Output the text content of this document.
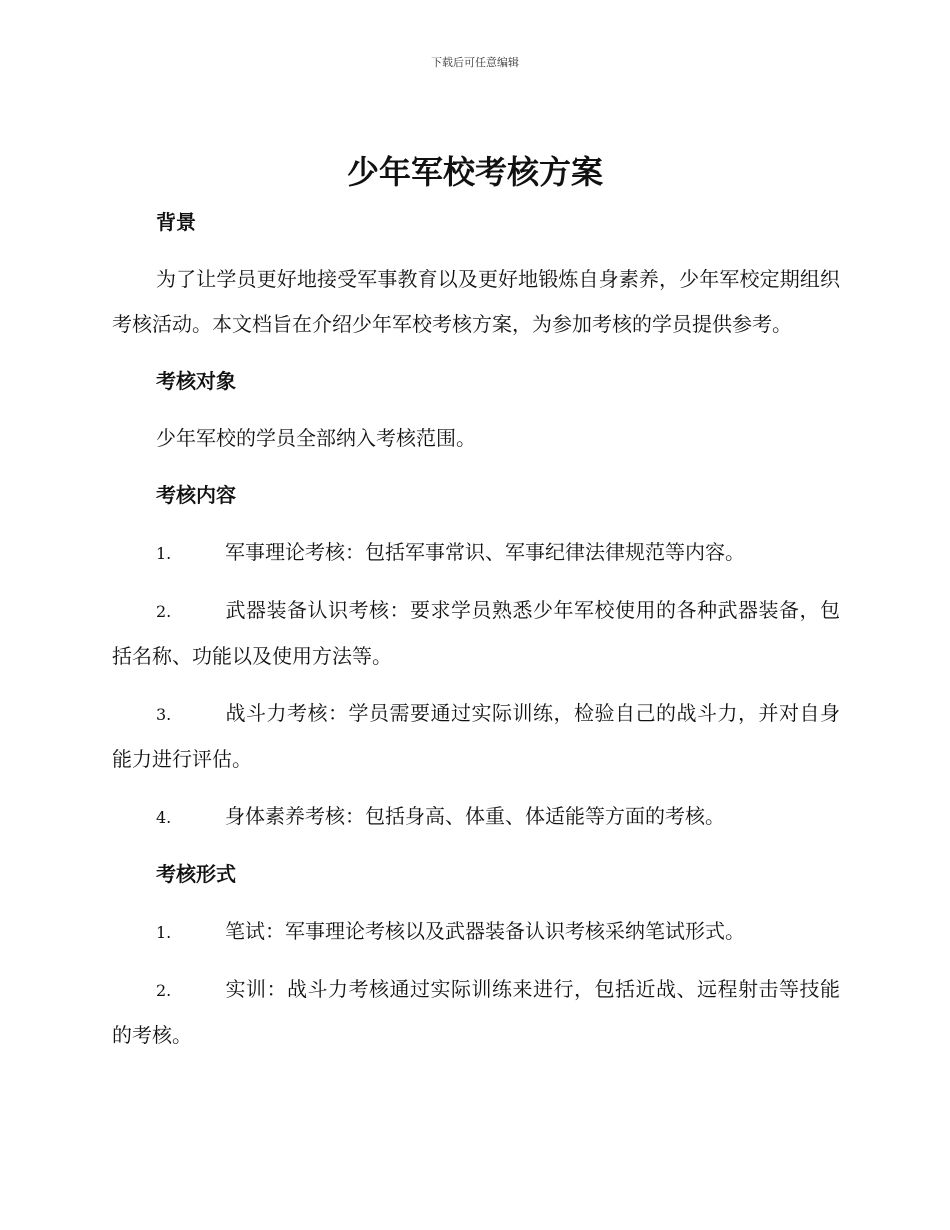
下载后可任意编辑
少年军校考核方案
背景

为了让学员更好地接受军事教育以及更好地锻炼自身素养，少年军校定期组织考核活动。本文档旨在介绍少年军校考核方案，为参加考核的学员提供参考。

考核对象

少年军校的学员全部纳入考核范围。

考核内容

1.	军事理论考核：包括军事常识、军事纪律法律规范等内容。

2.	武器装备认识考核：要求学员熟悉少年军校使用的各种武器装备，包括名称、功能以及使用方法等。

3.	战斗力考核：学员需要通过实际训练，检验自己的战斗力，并对自身能力进行评估。

4.	身体素养考核：包括身高、体重、体适能等方面的考核。

考核形式

1.	笔试：军事理论考核以及武器装备认识考核采纳笔试形式。

2.	实训：战斗力考核通过实际训练来进行，包括近战、远程射击等技能的考核。
